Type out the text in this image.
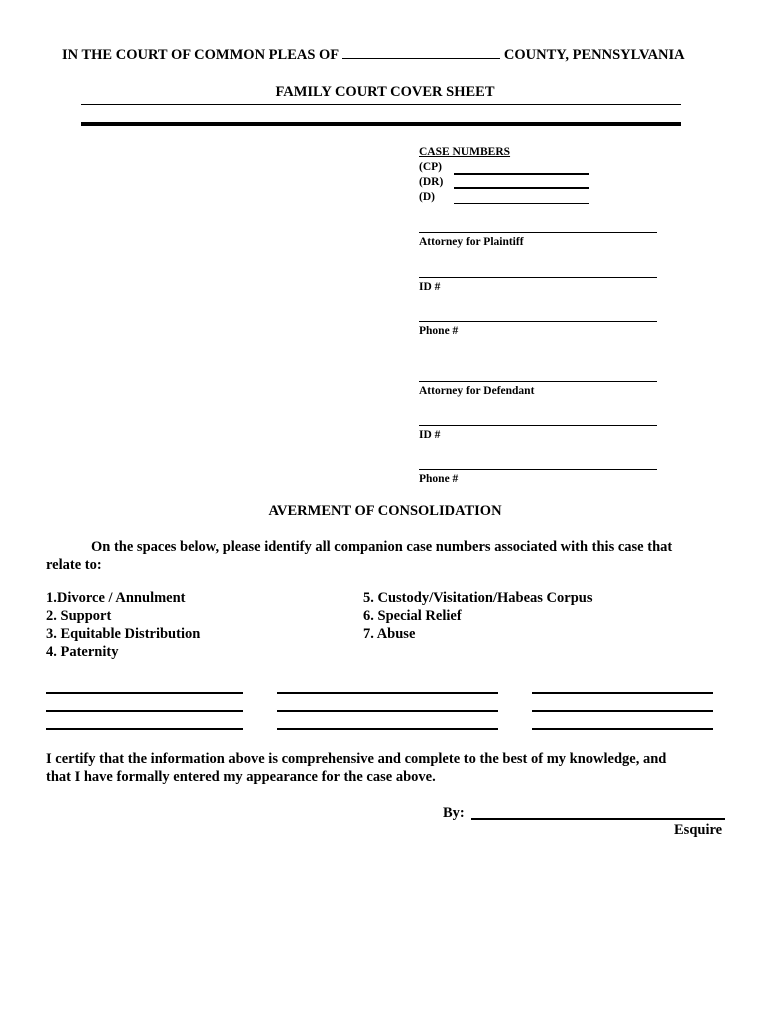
IN THE COURT OF COMMON PLEAS OF	COUNTY, PENNSYLVANIA
FAMILY COURT COVER SHEET
CASE NUMBERS
(CP)
(DR)
(D)
Attorney for Plaintiff
ID #
Phone #
Attorney for Defendant
ID #
Phone #
AVERMENT OF CONSOLIDATION
On the spaces below, please identify all companion case numbers associated with this case that
relate to:
1.Divorce / Annulment
2. Support
3. Equitable Distribution
4. Paternity
5. Custody/Visitation/Habeas Corpus
6. Special Relief
7. Abuse
I certify that the information above is comprehensive and complete to the best of my knowledge, and
that I have formally entered my appearance for the case above.
By:
Esquire
